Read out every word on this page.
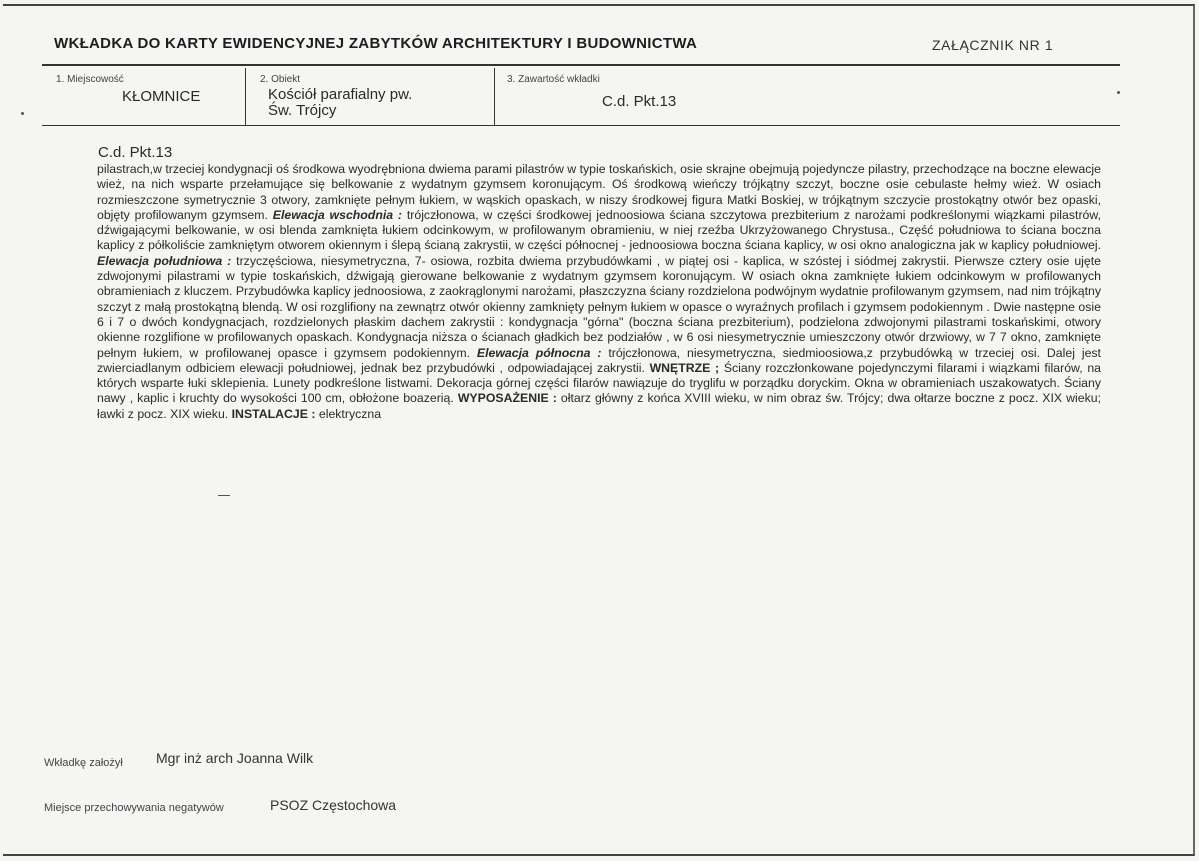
WKŁADKA DO KARTY EWIDENCYJNEJ ZABYTKÓW ARCHITEKTURY I BUDOWNICTWA	ZAŁĄCZNIK NR 1
1. Miejscowość
KŁOMNICE
2. Obiekt
Kościół parafialny pw.
Św. Trójcy
3. Zawartość wkładki
C.d. Pkt.13
C.d. Pkt.13
pilastrach,w trzeciej kondygnacji oś środkowa wyodrębniona dwiema parami pilastrów w typie toskańskich, osie skrajne obejmują pojedyncze pilastry, przechodzące na boczne elewacje wież, na nich wsparte przełamujące się belkowanie z wydatnym gzymsem koronującym. Oś środkową wieńczy trójkątny szczyt, boczne osie cebulaste hełmy wież. W osiach rozmieszczone symetrycznie 3 otwory, zamknięte pełnym łukiem, w wąskich opaskach, w niszy środkowej figura Matki Boskiej, w trójkątnym szczycie prostokątny otwór bez opaski, objęty profilowanym gzymsem. Elewacja wschodnia : trójczłonowa, w części środkowej jednoosiowa ściana szczytowa prezbiterium z narożami podkreślonymi wiązkami pilastrów, dźwigającymi belkowanie, w osi blenda zamknięta łukiem odcinkowym, w profilowanym obramieniu, w niej rzeźba Ukrzyżowanego Chrystusa., Część południowa to ściana boczna kaplicy z półkoliście zamkniętym otworem okiennym i ślepą ścianą zakrystii, w części północnej - jednoosiowa boczna ściana kaplicy, w osi okno analogiczna jak w kaplicy południowej. Elewacja południowa : trzyczęściowa, niesymetryczna, 7- osiowa, rozbita dwiema przybudówkami , w piątej osi - kaplica, w szóstej i siódmej zakrystii. Pierwsze cztery osie ujęte zdwojonymi pilastrami w typie toskańskich, dźwigają gierowane belkowanie z wydatnym gzymsem koronującym. W osiach okna zamknięte łukiem odcinkowym w profilowanych obramieniach z kluczem. Przybudówka kaplicy jednoosiowa, z zaokrąglonymi narożami, płaszczyzna ściany rozdzielona podwójnym wydatnie profilowanym gzymsem, nad nim trójkątny szczyt z małą prostokątną blendą. W osi rozglifiony na zewnątrz otwór okienny zamknięty pełnym łukiem w opasce o wyraźnych profilach i gzymsem podokiennym . Dwie następne osie 6 i 7 o dwóch kondygnacjach, rozdzielonych płaskim dachem zakrystii : kondygnacja "górna" (boczna ściana prezbiterium), podzielona zdwojonymi pilastrami toskańskimi, otwory okienne rozglifione w profilowanych opaskach. Kondygnacja niższa o ścianach gładkich bez podziałów , w 6 osi niesymetrycznie umieszczony otwór drzwiowy, w 7 7 okno, zamknięte pełnym łukiem, w profilowanej opasce i gzymsem podokiennym. Elewacja północna : trójczłonowa, niesymetryczna, siedmioosiowa,z przybudówką w trzeciej osi. Dalej jest zwierciadlanym odbiciem elewacji południowej, jednak bez przybudówki , odpowiadającej zakrystii. WNĘTRZE ; Ściany rozczłonkowane pojedynczymi filarami i wiązkami filarów, na których wsparte łuki sklepienia. Lunety podkreślone listwami. Dekoracja górnej części filarów nawiązuje do tryglifu w porządku doryckim. Okna w obramieniach uszakowatych. Ściany nawy , kaplic i kruchty do wysokości 100 cm, obłożone boazerią. WYPOSAŻENIE : ołtarz główny z końca XVIII wieku, w nim obraz św. Trójcy; dwa ołtarze boczne z pocz. XIX wieku; ławki z pocz. XIX wieku. INSTALACJE : elektryczna
Wkładkę założył Mgr inż arch Joanna Wilk
Miejsce przechowywania negatywów	PSOZ Częstochowa
